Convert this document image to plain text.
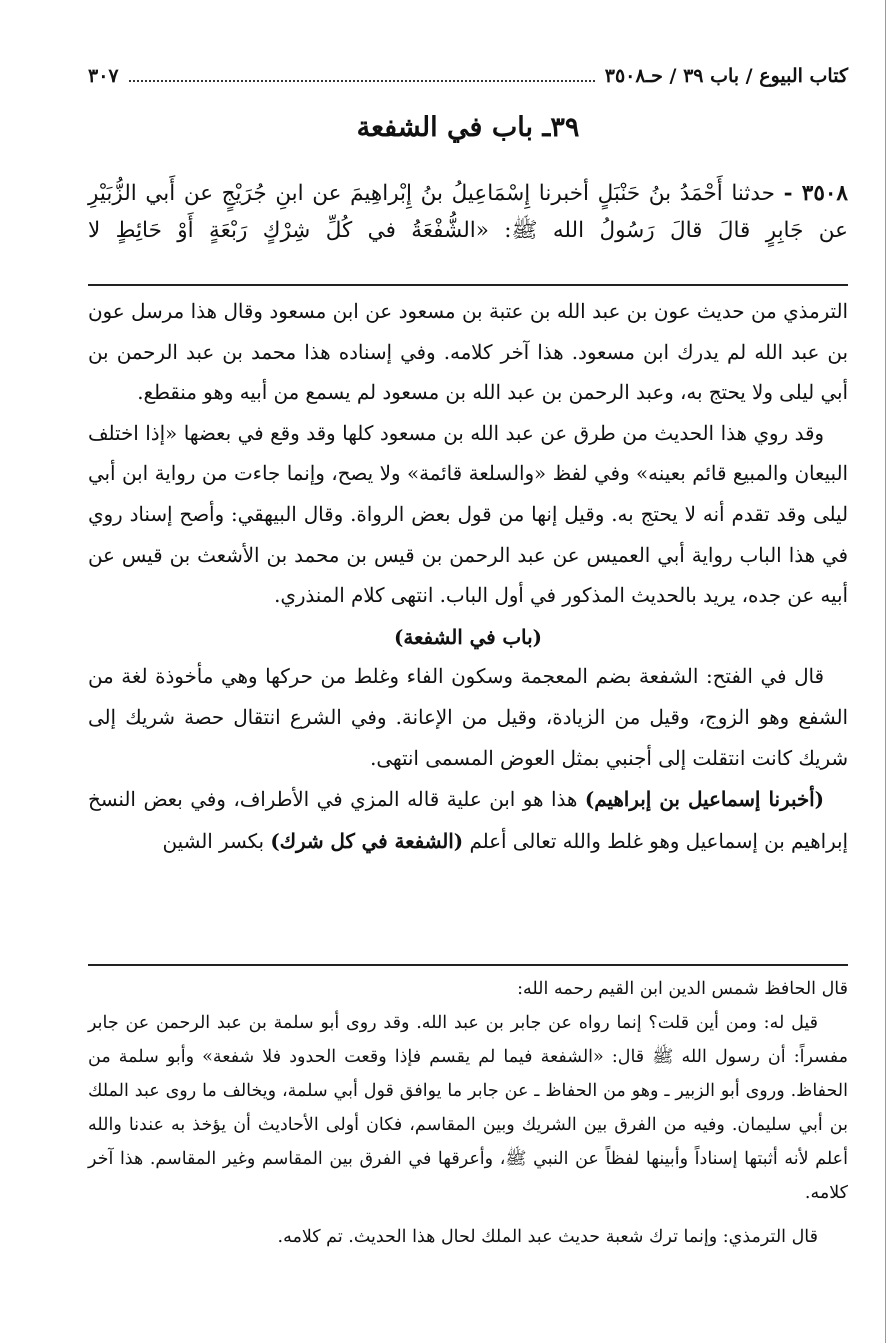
كتاب البيوع / باب ٣٩ / حـ٣٥٠٨
٣٠٧
٣٩ـ باب في الشفعة
٣٥٠٨ - حدثنا أَحْمَدُ بنُ حَنْبَلٍ أخبرنا إِسْمَاعِيلُ بنُ إِبْراهِيمَ عن ابنِ جُرَيْجٍ عن أَبي الزُّبَيْرِ عن جَابِرٍ قالَ قالَ رَسُولُ الله ﷺ: «الشُّفْعَةُ في كُلِّ شِرْكٍ رَبْعَةٍ أَوْ حَائِطٍ لا

الترمذي من حديث عون بن عبد الله بن عتبة بن مسعود عن ابن مسعود وقال هذا مرسل عون بن عبد الله لم يدرك ابن مسعود. هذا آخر كلامه. وفي إسناده هذا محمد بن عبد الرحمن بن أبي ليلى ولا يحتج به، وعبد الرحمن بن عبد الله بن مسعود لم يسمع من أبيه وهو منقطع.

وقد روي هذا الحديث من طرق عن عبد الله بن مسعود كلها وقد وقع في بعضها «إذا اختلف البيعان والمبيع قائم بعينه» وفي لفظ «والسلعة قائمة» ولا يصح، وإنما جاءت من رواية ابن أبي ليلى وقد تقدم أنه لا يحتج به. وقيل إنها من قول بعض الرواة. وقال البيهقي: وأصح إسناد روي في هذا الباب رواية أبي العميس عن عبد الرحمن بن قيس بن محمد بن الأشعث بن قيس عن أبيه عن جده، يريد بالحديث المذكور في أول الباب. انتهى كلام المنذري.

(باب في الشفعة)

قال في الفتح: الشفعة بضم المعجمة وسكون الفاء وغلط من حركها وهي مأخوذة لغة من الشفع وهو الزوج، وقيل من الزيادة، وقيل من الإعانة. وفي الشرع انتقال حصة شريك إلى شريك كانت انتقلت إلى أجنبي بمثل العوض المسمى انتهى.

(أخبرنا إسماعيل بن إبراهيم) هذا هو ابن علية قاله المزي في الأطراف، وفي بعض النسخ إبراهيم بن إسماعيل وهو غلط والله تعالى أعلم (الشفعة في كل شرك) بكسر الشين

قال الحافظ شمس الدين ابن القيم رحمه الله:

قيل له: ومن أين قلت؟ إنما رواه عن جابر بن عبد الله. وقد روى أبو سلمة بن عبد الرحمن عن جابر مفسراً: أن رسول الله ﷺ قال: «الشفعة فيما لم يقسم فإذا وقعت الحدود فلا شفعة» وأبو سلمة من الحفاظ. وروى أبو الزبير ـ وهو من الحفاظ ـ عن جابر ما يوافق قول أبي سلمة، ويخالف ما روى عبد الملك بن أبي سليمان. وفيه من الفرق بين الشريك وبين المقاسم، فكان أولى الأحاديث أن يؤخذ به عندنا والله أعلم لأنه أثبتها إسناداً وأبينها لفظاً عن النبي ﷺ، وأعرقها في الفرق بين المقاسم وغير المقاسم. هذا آخر كلامه.

قال الترمذي: وإنما ترك شعبة حديث عبد الملك لحال هذا الحديث. تم كلامه.
